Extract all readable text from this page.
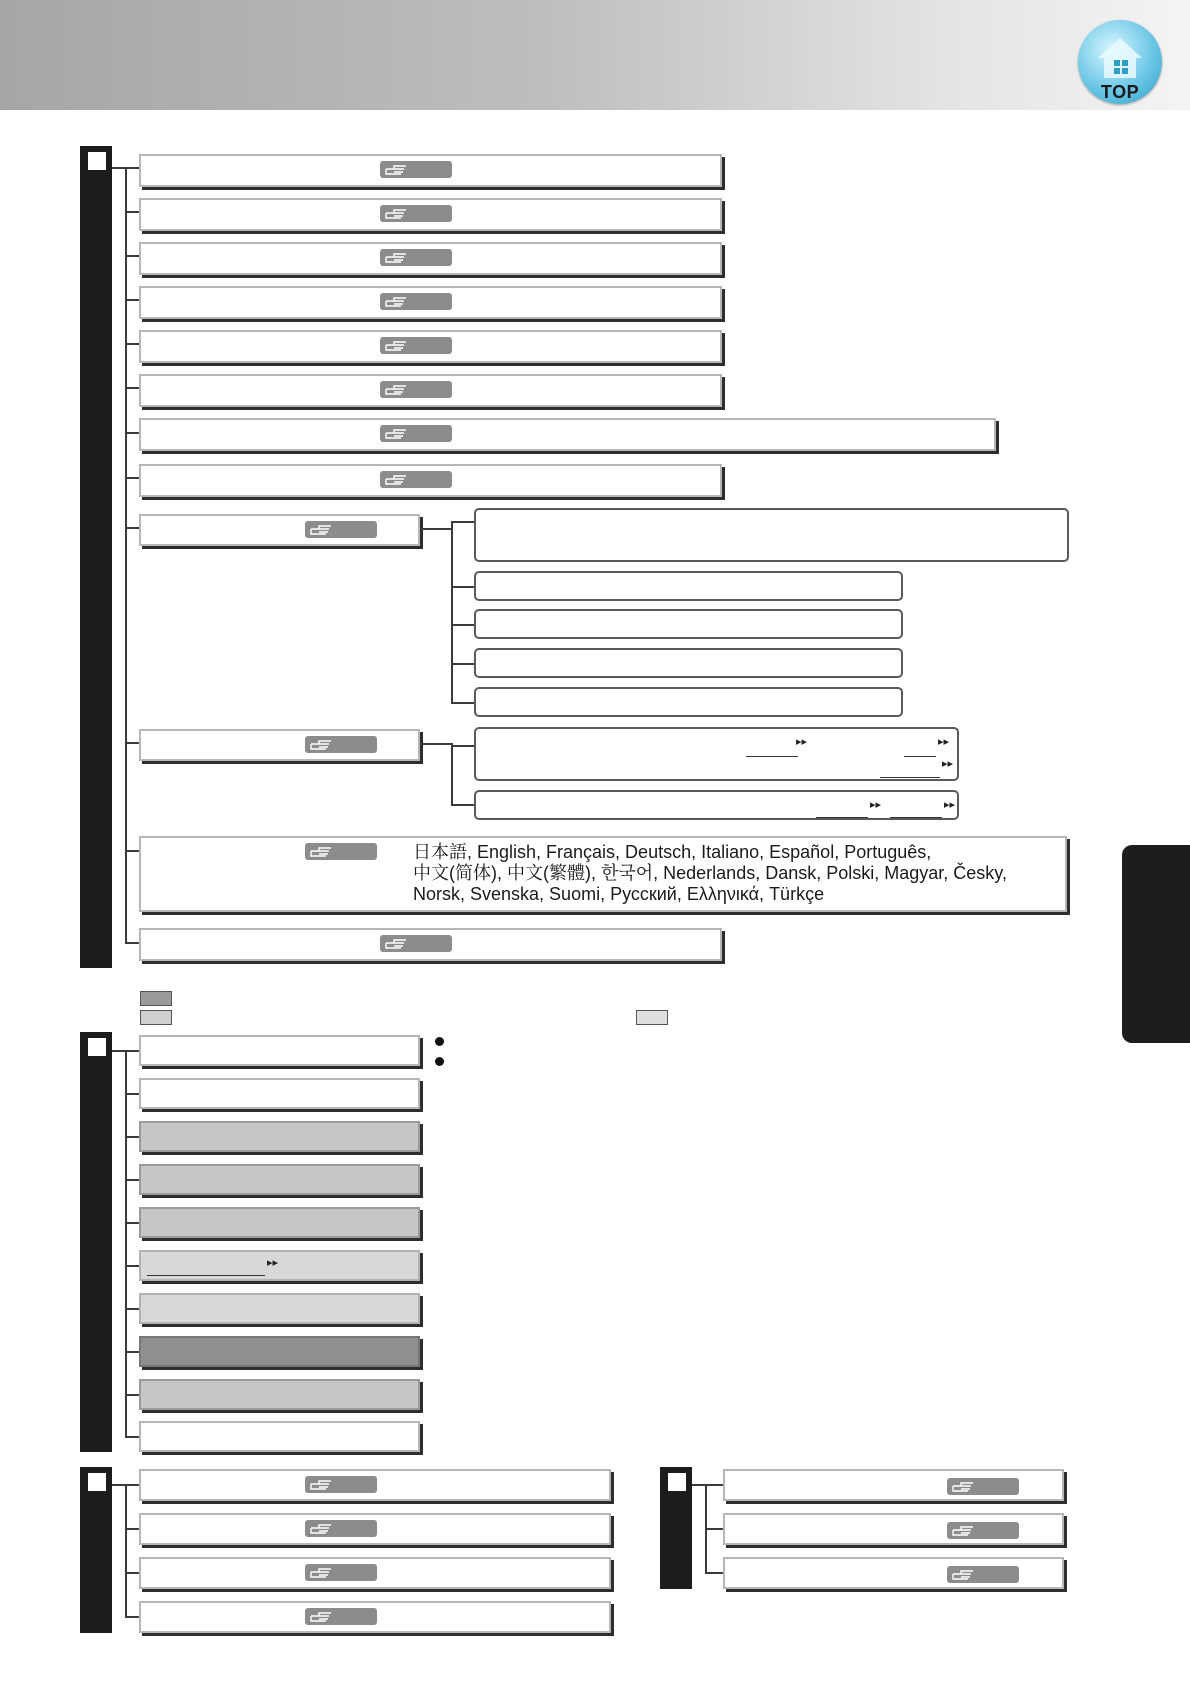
TOP
▸▸	▸▸
▸▸
▸▸	▸▸
日本語, English, Français, Deutsch, Italiano, Español, Português,
中文(简体), 中文(繁體), 한국어, Nederlands, Dansk, Polski, Magyar, Česky,
Norsk, Svenska, Suomi, Русский, Ελληνικά, Türkçe
▸▸
